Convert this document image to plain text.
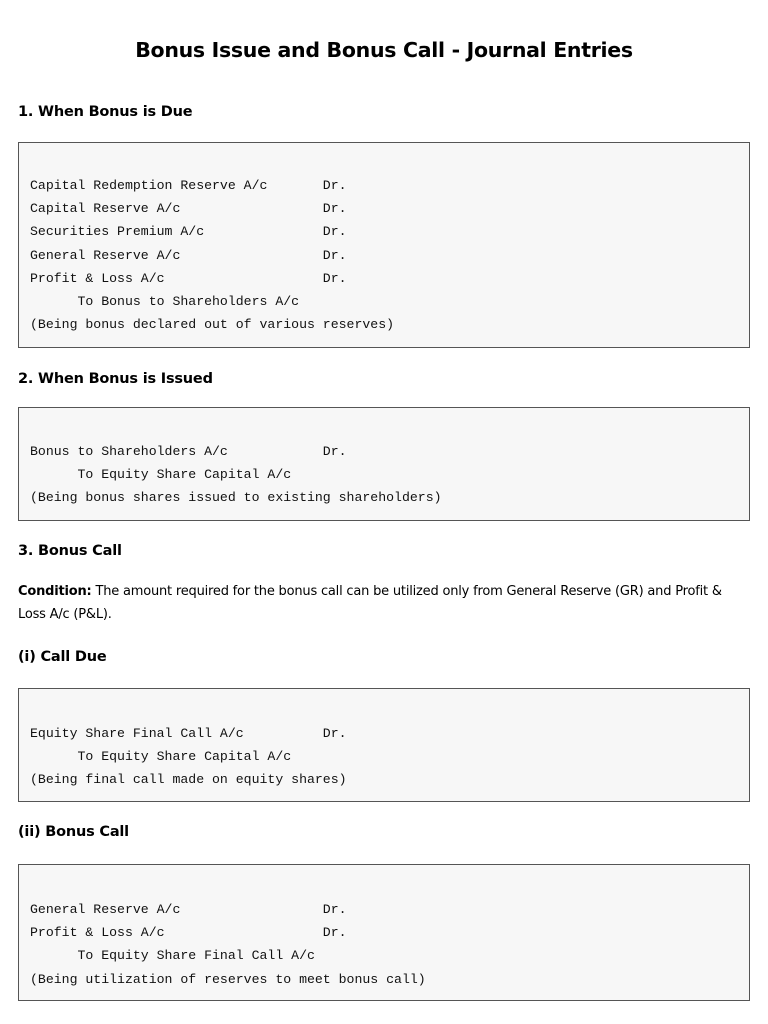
Bonus Issue and Bonus Call - Journal Entries
1. When Bonus is Due
Capital Redemption Reserve A/c       Dr.
Capital Reserve A/c                  Dr.
Securities Premium A/c               Dr.
General Reserve A/c                  Dr.
Profit & Loss A/c                    Dr.
To Bonus to Shareholders A/c
(Being bonus declared out of various reserves)
2. When Bonus is Issued
Bonus to Shareholders A/c            Dr.
To Equity Share Capital A/c
(Being bonus shares issued to existing shareholders)
3. Bonus Call
Condition: The amount required for the bonus call can be utilized only from General Reserve (GR) and Profit & Loss A/c (P&L).
(i) Call Due
Equity Share Final Call A/c          Dr.
To Equity Share Capital A/c
(Being final call made on equity shares)
(ii) Bonus Call
General Reserve A/c                  Dr.
Profit & Loss A/c                    Dr.
To Equity Share Final Call A/c
(Being utilization of reserves to meet bonus call)
